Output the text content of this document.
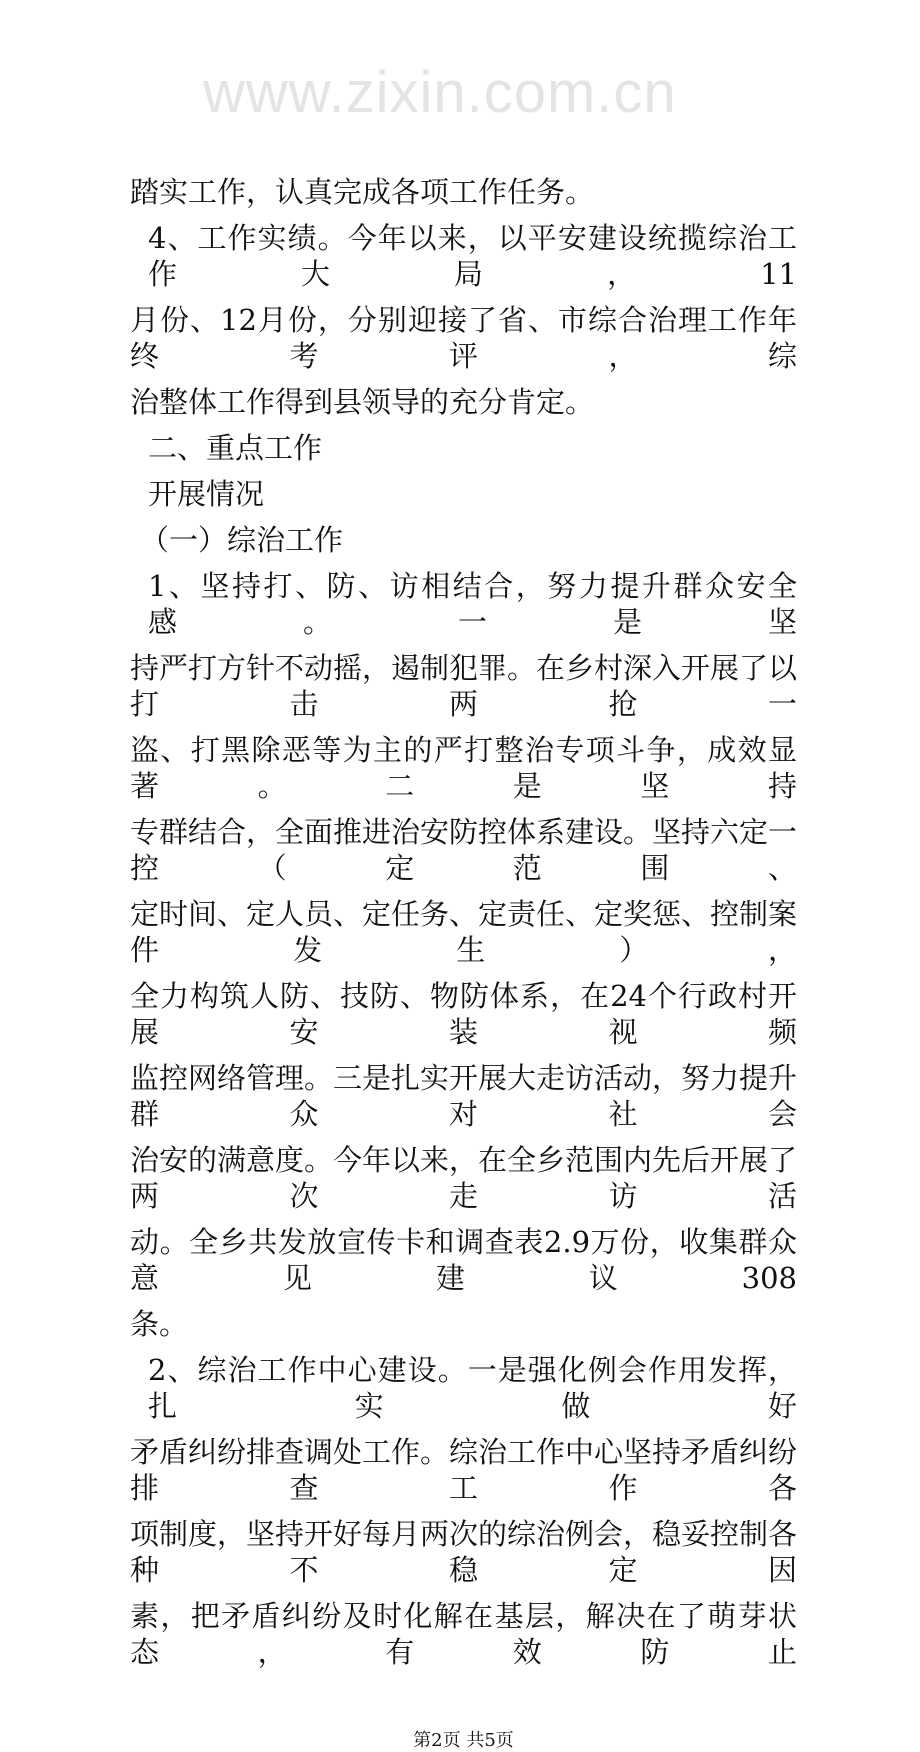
www.zixin.com.cn
踏实工作，认真完成各项工作任务。
4、工作实绩。今年以来，以平安建设统揽综治工作大局，11
月份、12月份，分别迎接了省、市综合治理工作年终考评，综
治整体工作得到县领导的充分肯定。
二、重点工作
开展情况
（一）综治工作
1、坚持打、防、访相结合，努力提升群众安全感。一是坚
持严打方针不动摇，遏制犯罪。在乡村深入开展了以打击两抢一
盗、打黑除恶等为主的严打整治专项斗争，成效显著。二是坚持
专群结合，全面推进治安防控体系建设。坚持六定一控（定范围、
定时间、定人员、定任务、定责任、定奖惩、控制案件发生），
全力构筑人防、技防、物防体系，在24个行政村开展安装视频
监控网络管理。三是扎实开展大走访活动，努力提升群众对社会
治安的满意度。今年以来，在全乡范围内先后开展了两次走访活
动。全乡共发放宣传卡和调查表2.9万份，收集群众意见建议308
条。
2、综治工作中心建设。一是强化例会作用发挥，扎实做好
矛盾纠纷排查调处工作。综治工作中心坚持矛盾纠纷排查工作各
项制度，坚持开好每月两次的综治例会，稳妥控制各种不稳定因
素，把矛盾纠纷及时化解在基层，解决在了萌芽状态，有效防止
第2页 共5页
